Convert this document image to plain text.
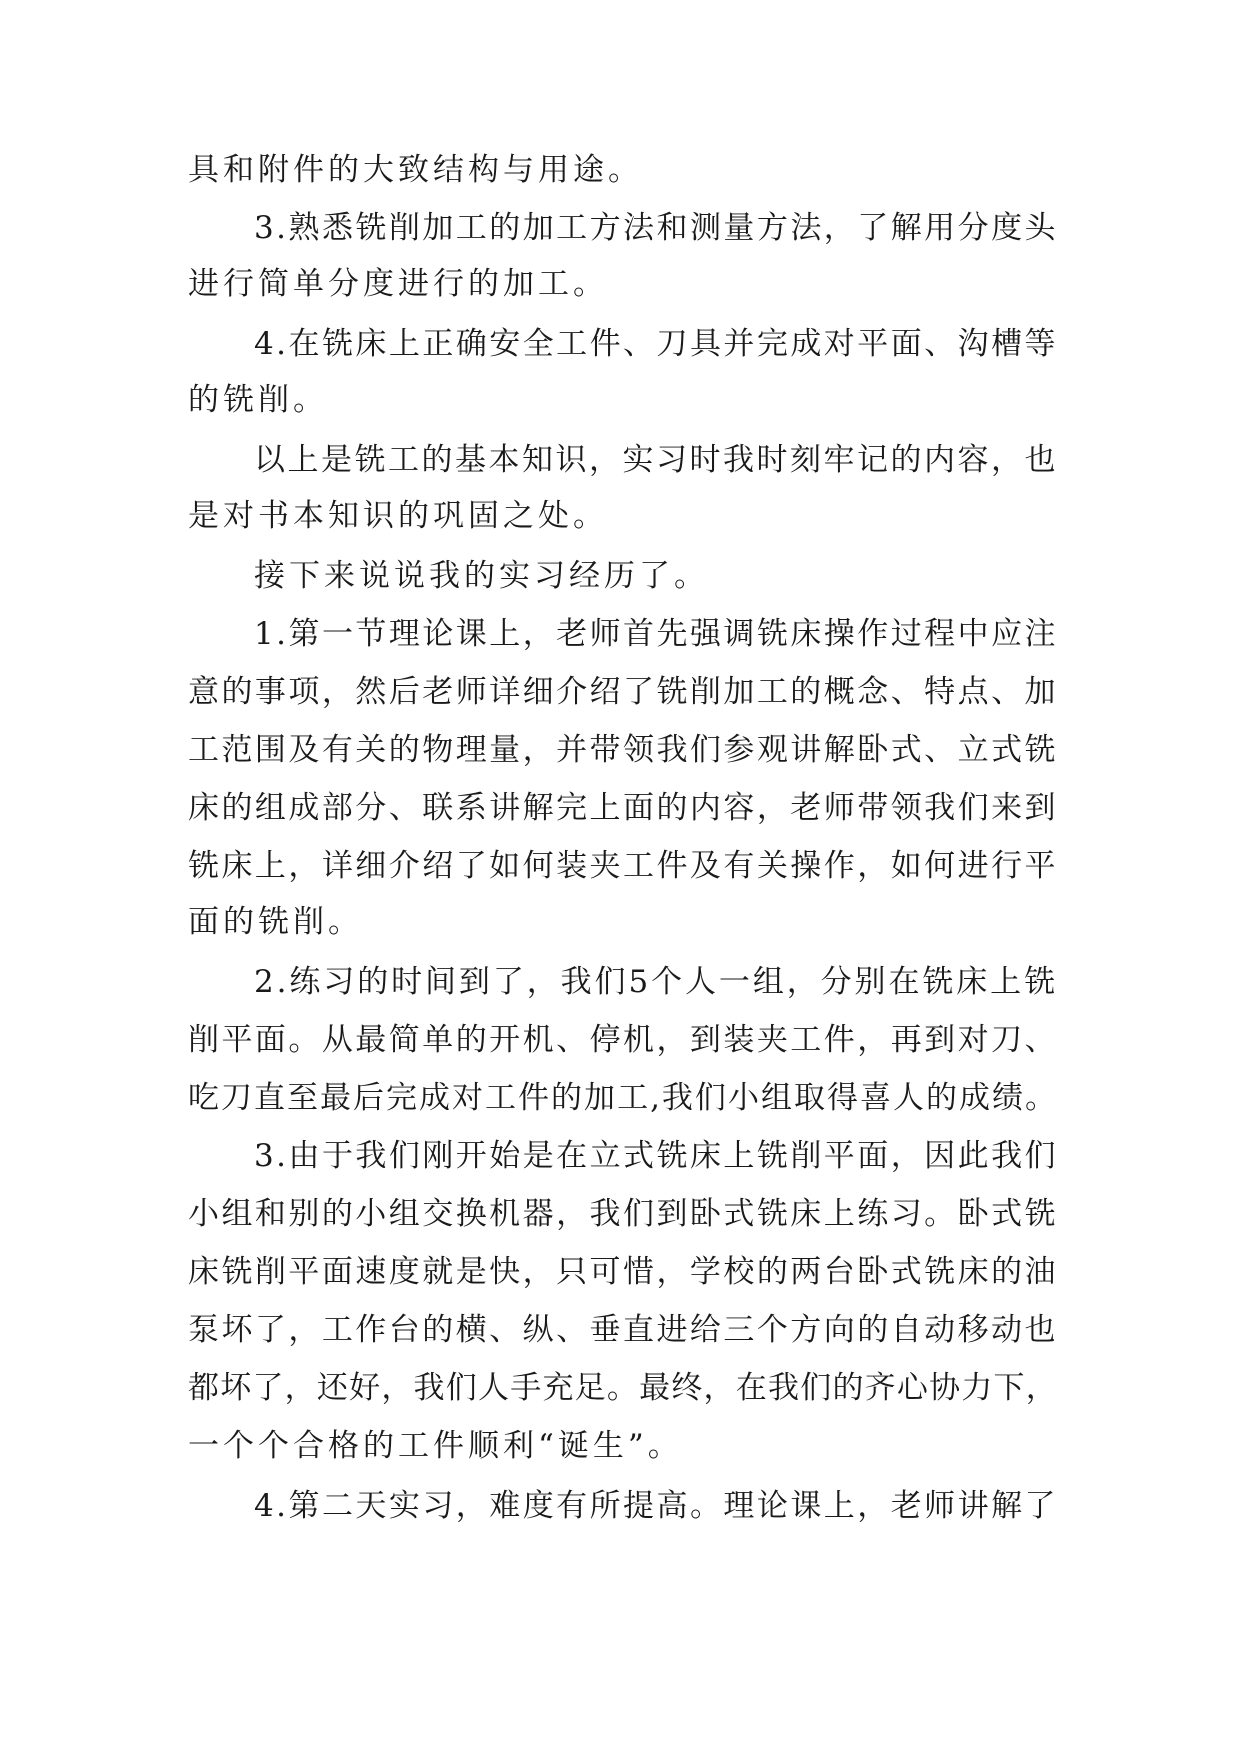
具和附件的大致结构与用途。
3.熟悉铣削加工的加工方法和测量方法，了解用分度头
进行简单分度进行的加工。
4.在铣床上正确安全工件、刀具并完成对平面、沟槽等
的铣削。
以上是铣工的基本知识，实习时我时刻牢记的内容，也
是对书本知识的巩固之处。
接下来说说我的实习经历了。
1.第一节理论课上，老师首先强调铣床操作过程中应注
意的事项，然后老师详细介绍了铣削加工的概念、特点、加
工范围及有关的物理量，并带领我们参观讲解卧式、立式铣
床的组成部分、联系讲解完上面的内容，老师带领我们来到
铣床上，详细介绍了如何装夹工件及有关操作，如何进行平
面的铣削。
2.练习的时间到了，我们5个人一组，分别在铣床上铣
削平面。从最简单的开机、停机，到装夹工件，再到对刀、
吃刀直至最后完成对工件的加工,我们小组取得喜人的成绩。
3.由于我们刚开始是在立式铣床上铣削平面，因此我们
小组和别的小组交换机器，我们到卧式铣床上练习。卧式铣
床铣削平面速度就是快，只可惜，学校的两台卧式铣床的油
泵坏了，工作台的横、纵、垂直进给三个方向的自动移动也
都坏了，还好，我们人手充足。最终，在我们的齐心协力下，
一个个合格的工件顺利“诞生”。
4.第二天实习，难度有所提高。理论课上，老师讲解了
